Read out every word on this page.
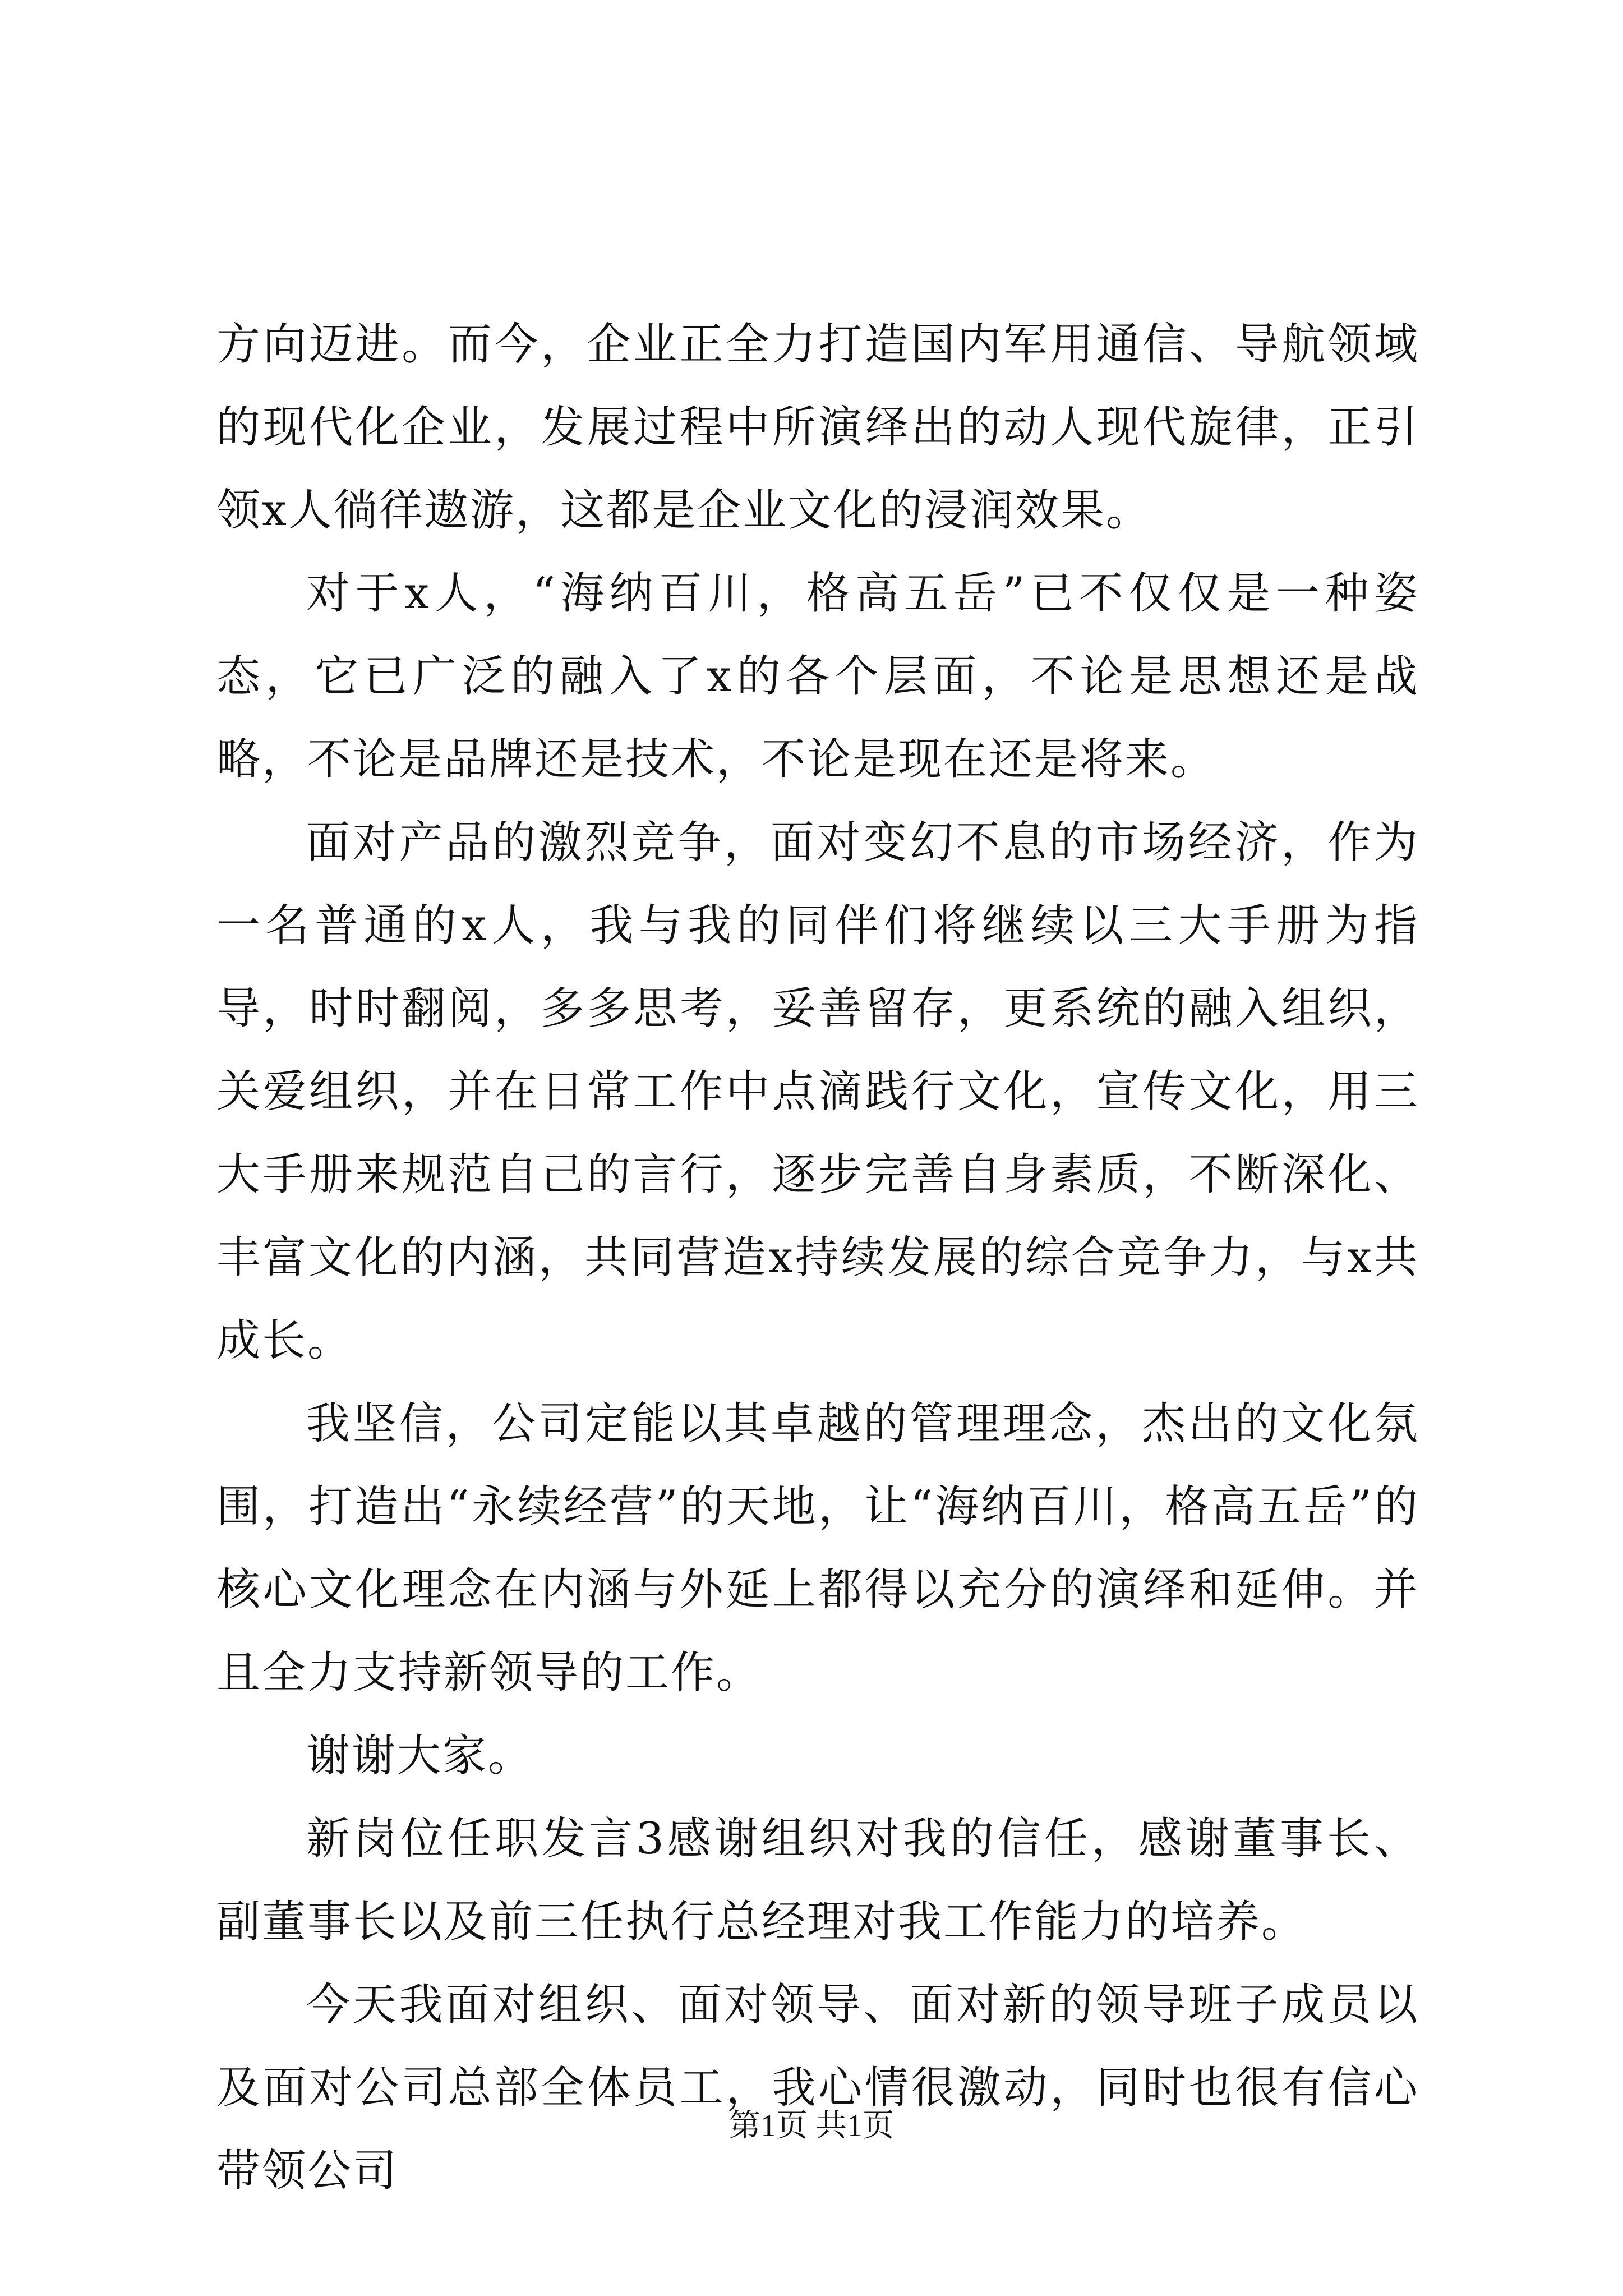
方向迈进。而今，企业正全力打造国内军用通信、导航领域的现代化企业，发展过程中所演绎出的动人现代旋律，正引领x人徜徉遨游，这都是企业文化的浸润效果。

对于x人，“海纳百川，格高五岳”已不仅仅是一种姿态，它已广泛的融入了x的各个层面，不论是思想还是战略，不论是品牌还是技术，不论是现在还是将来。

面对产品的激烈竞争，面对变幻不息的市场经济，作为一名普通的x人，我与我的同伴们将继续以三大手册为指导，时时翻阅，多多思考，妥善留存，更系统的融入组织，关爱组织，并在日常工作中点滴践行文化，宣传文化，用三大手册来规范自己的言行，逐步完善自身素质，不断深化、丰富文化的内涵，共同营造x持续发展的综合竞争力，与x共成长。

我坚信，公司定能以其卓越的管理理念，杰出的文化氛围，打造出“永续经营”的天地，让“海纳百川，格高五岳”的核心文化理念在内涵与外延上都得以充分的演绎和延伸。并且全力支持新领导的工作。

谢谢大家。

新岗位任职发言3感谢组织对我的信任，感谢董事长、副董事长以及前三任执行总经理对我工作能力的培养。

今天我面对组织、面对领导、面对新的领导班子成员以及面对公司总部全体员工，我心情很激动，同时也很有信心带领公司

第1页 共1页
